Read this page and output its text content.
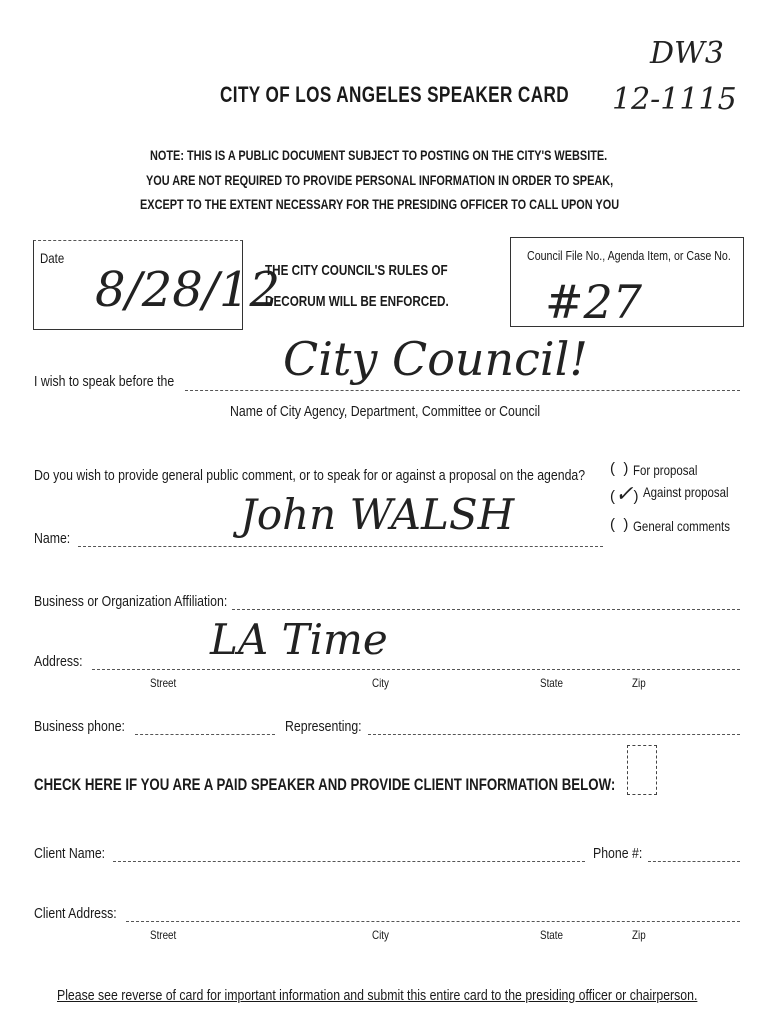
DW3
12-1115
CITY OF LOS ANGELES SPEAKER CARD
NOTE: THIS IS A PUBLIC DOCUMENT SUBJECT TO POSTING ON THE CITY'S WEBSITE.
YOU ARE NOT REQUIRED TO PROVIDE PERSONAL INFORMATION IN ORDER TO SPEAK,
EXCEPT TO THE EXTENT NECESSARY FOR THE PRESIDING OFFICER TO CALL UPON YOU
Date
8/28/12
THE CITY COUNCIL'S RULES OF
DECORUM WILL BE ENFORCED.
Council File No., Agenda Item, or Case No.
#27
I wish to speak before the City Council!
Name of City Agency, Department, Committee or Council
Do you wish to provide general public comment, or to speak for or against a proposal on the agenda? (  ) For proposal
(✓) Against proposal
(  ) General comments
Name:	John WALSH
Business or Organization Affiliation:
Address:	LA Time
Street	City	State	Zip
Business phone:	Representing:
CHECK HERE IF YOU ARE A PAID SPEAKER AND PROVIDE CLIENT INFORMATION BELOW:
Client Name:	Phone #:
Client Address:
Street	City	State	Zip
Please see reverse of card for important information and submit this entire card to the presiding officer or chairperson.
